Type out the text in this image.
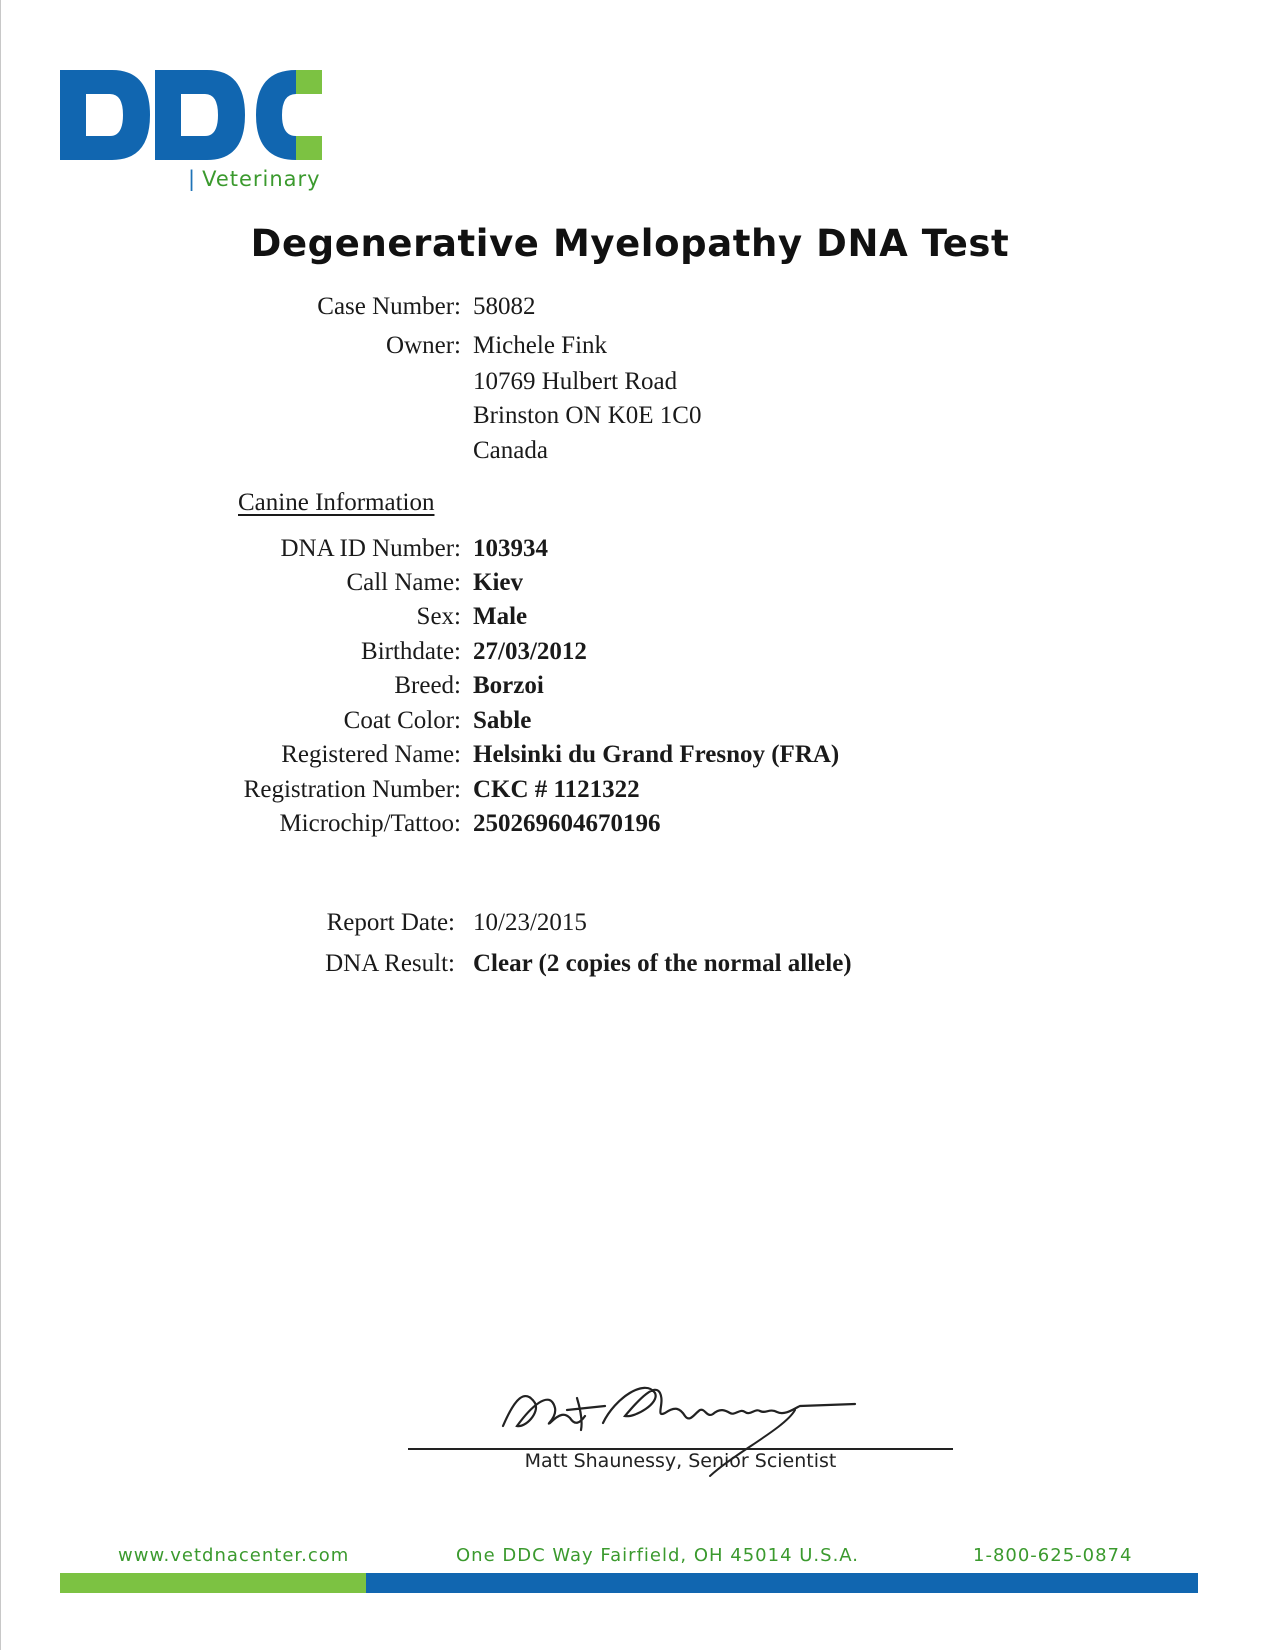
| Veterinary
Degenerative Myelopathy DNA Test
Case Number: 58082
Owner: Michele Fink
10769 Hulbert Road
Brinston ON K0E 1C0
Canada
Canine Information
DNA ID Number: 103934
Call Name: Kiev
Sex: Male
Birthdate: 27/03/2012
Breed: Borzoi
Coat Color: Sable
Registered Name: Helsinki du Grand Fresnoy (FRA)
Registration Number: CKC # 1121322
Microchip/Tattoo: 250269604670196
Report Date: 10/23/2015
DNA Result: Clear (2 copies of the normal allele)
Matt Shaunessy, Senior Scientist
www.vetdnacenter.com	One DDC Way Fairfield, OH 45014 U.S.A.	1-800-625-0874
